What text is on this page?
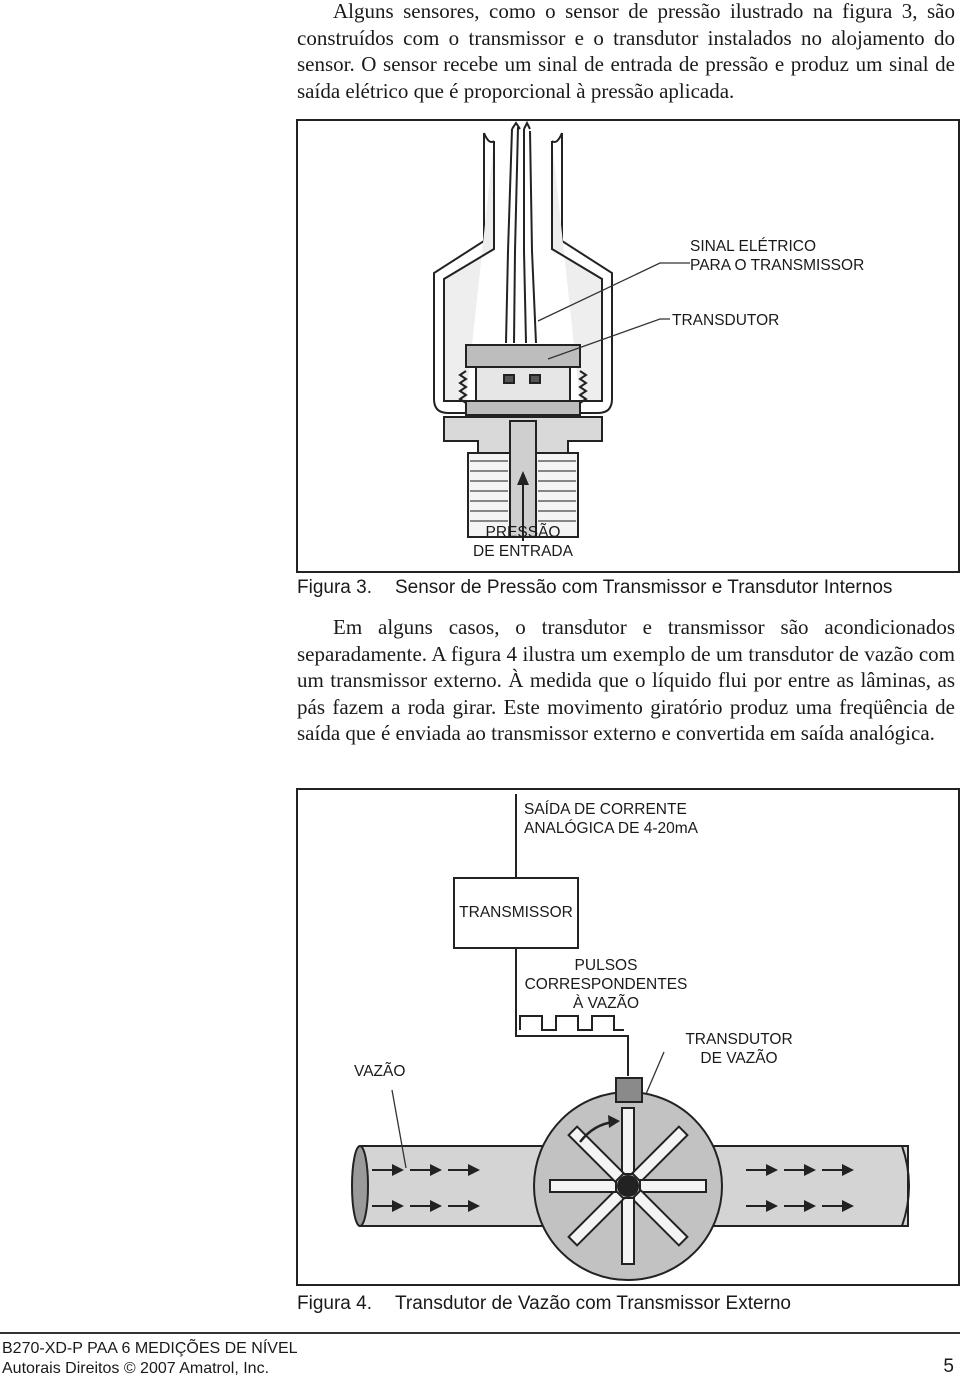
Alguns sensores, como o sensor de pressão ilustrado na figura 3, são construídos com o transmissor e o transdutor instalados no alojamento do sensor. O sensor recebe um sinal de entrada de pressão e produz um sinal de saída elétrico que é proporcional à pressão aplicada.

SINAL ELÉTRICO
PARA O TRANSMISSOR
TRANSDUTOR
PRESSÃO
DE ENTRADA
Figura 3. Sensor de Pressão com Transmissor e Transdutor Internos

Em alguns casos, o transdutor e transmissor são acondicionados separadamente. A figura 4 ilustra um exemplo de um transdutor de vazão com um transmissor externo. À medida que o líquido flui por entre as lâminas, as pás fazem a roda girar. Este movimento giratório produz uma freqüência de saída que é enviada ao transmissor externo e convertida em saída analógica.

SAÍDA DE CORRENTE
ANALÓGICA DE 4-20mA
TRANSMISSOR
PULSOS
CORRESPONDENTES
À VAZÃO
TRANSDUTOR
DE VAZÃO
VAZÃO
Figura 4. Transdutor de Vazão com Transmissor Externo
B270-XD-P PAA 6 MEDIÇÕES DE NÍVEL
Autorais Direitos © 2007 Amatrol, Inc.	5
